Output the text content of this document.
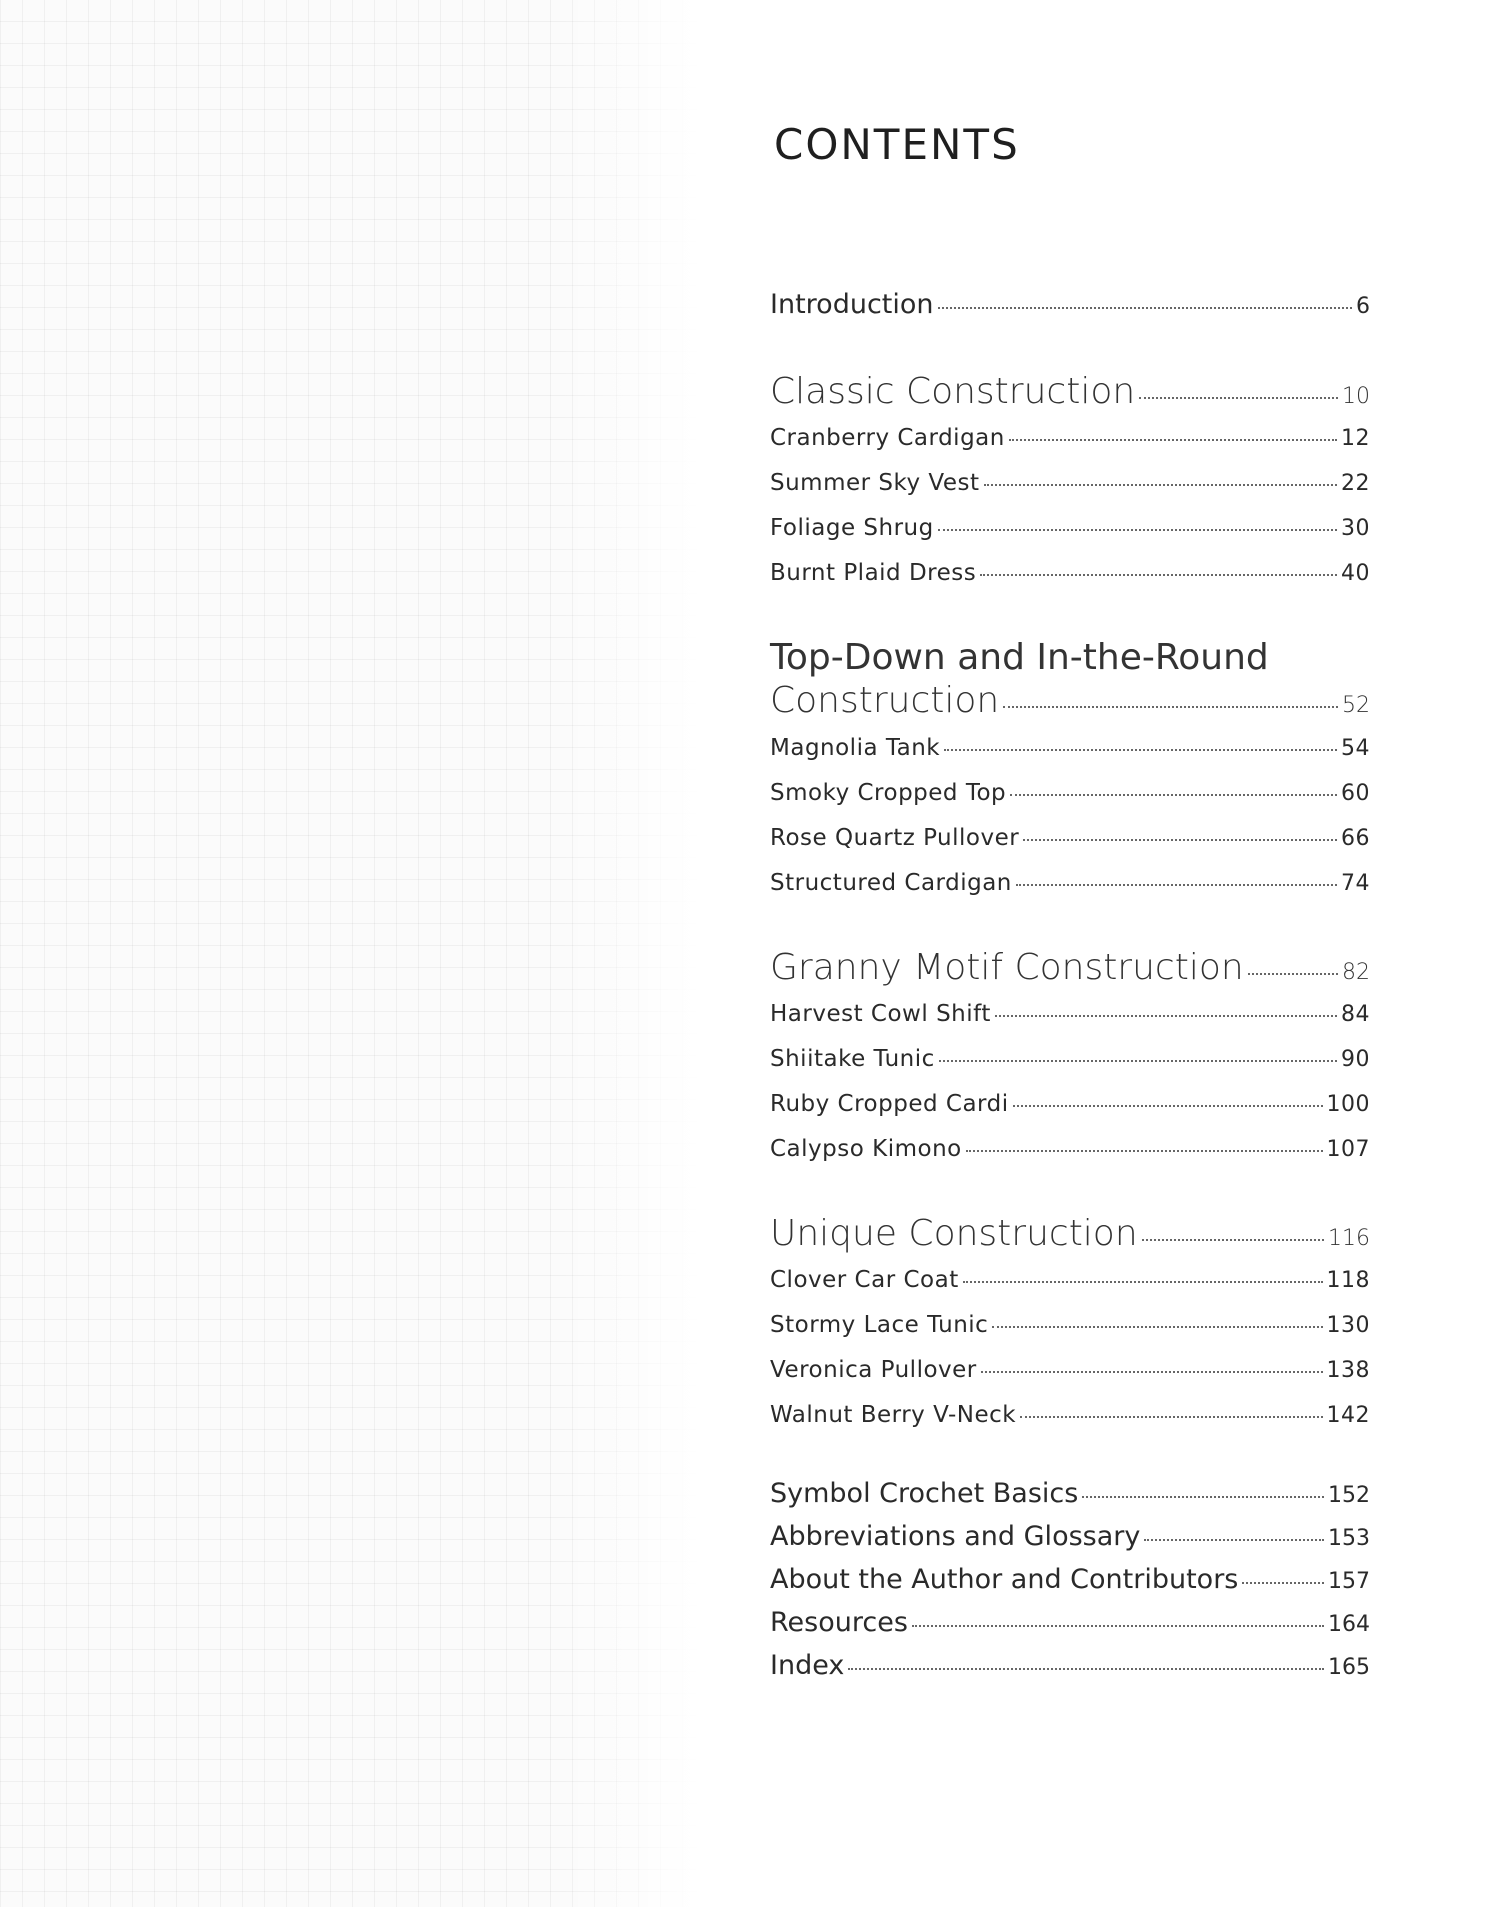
CONTENTS
Introduction	6
Classic Construction	10
Cranberry Cardigan	12
Summer Sky Vest	22
Foliage Shrug	30
Burnt Plaid Dress	40
Top-Down and In-the-Round
Construction	52
Magnolia Tank	54
Smoky Cropped Top	60
Rose Quartz Pullover	66
Structured Cardigan	74
Granny Motif Construction	82
Harvest Cowl Shift	84
Shiitake Tunic	90
Ruby Cropped Cardi	100
Calypso Kimono	107
Unique Construction	116
Clover Car Coat	118
Stormy Lace Tunic	130
Veronica Pullover	138
Walnut Berry V-Neck	142
Symbol Crochet Basics	152
Abbreviations and Glossary	153
About the Author and Contributors	157
Resources	164
Index	165
